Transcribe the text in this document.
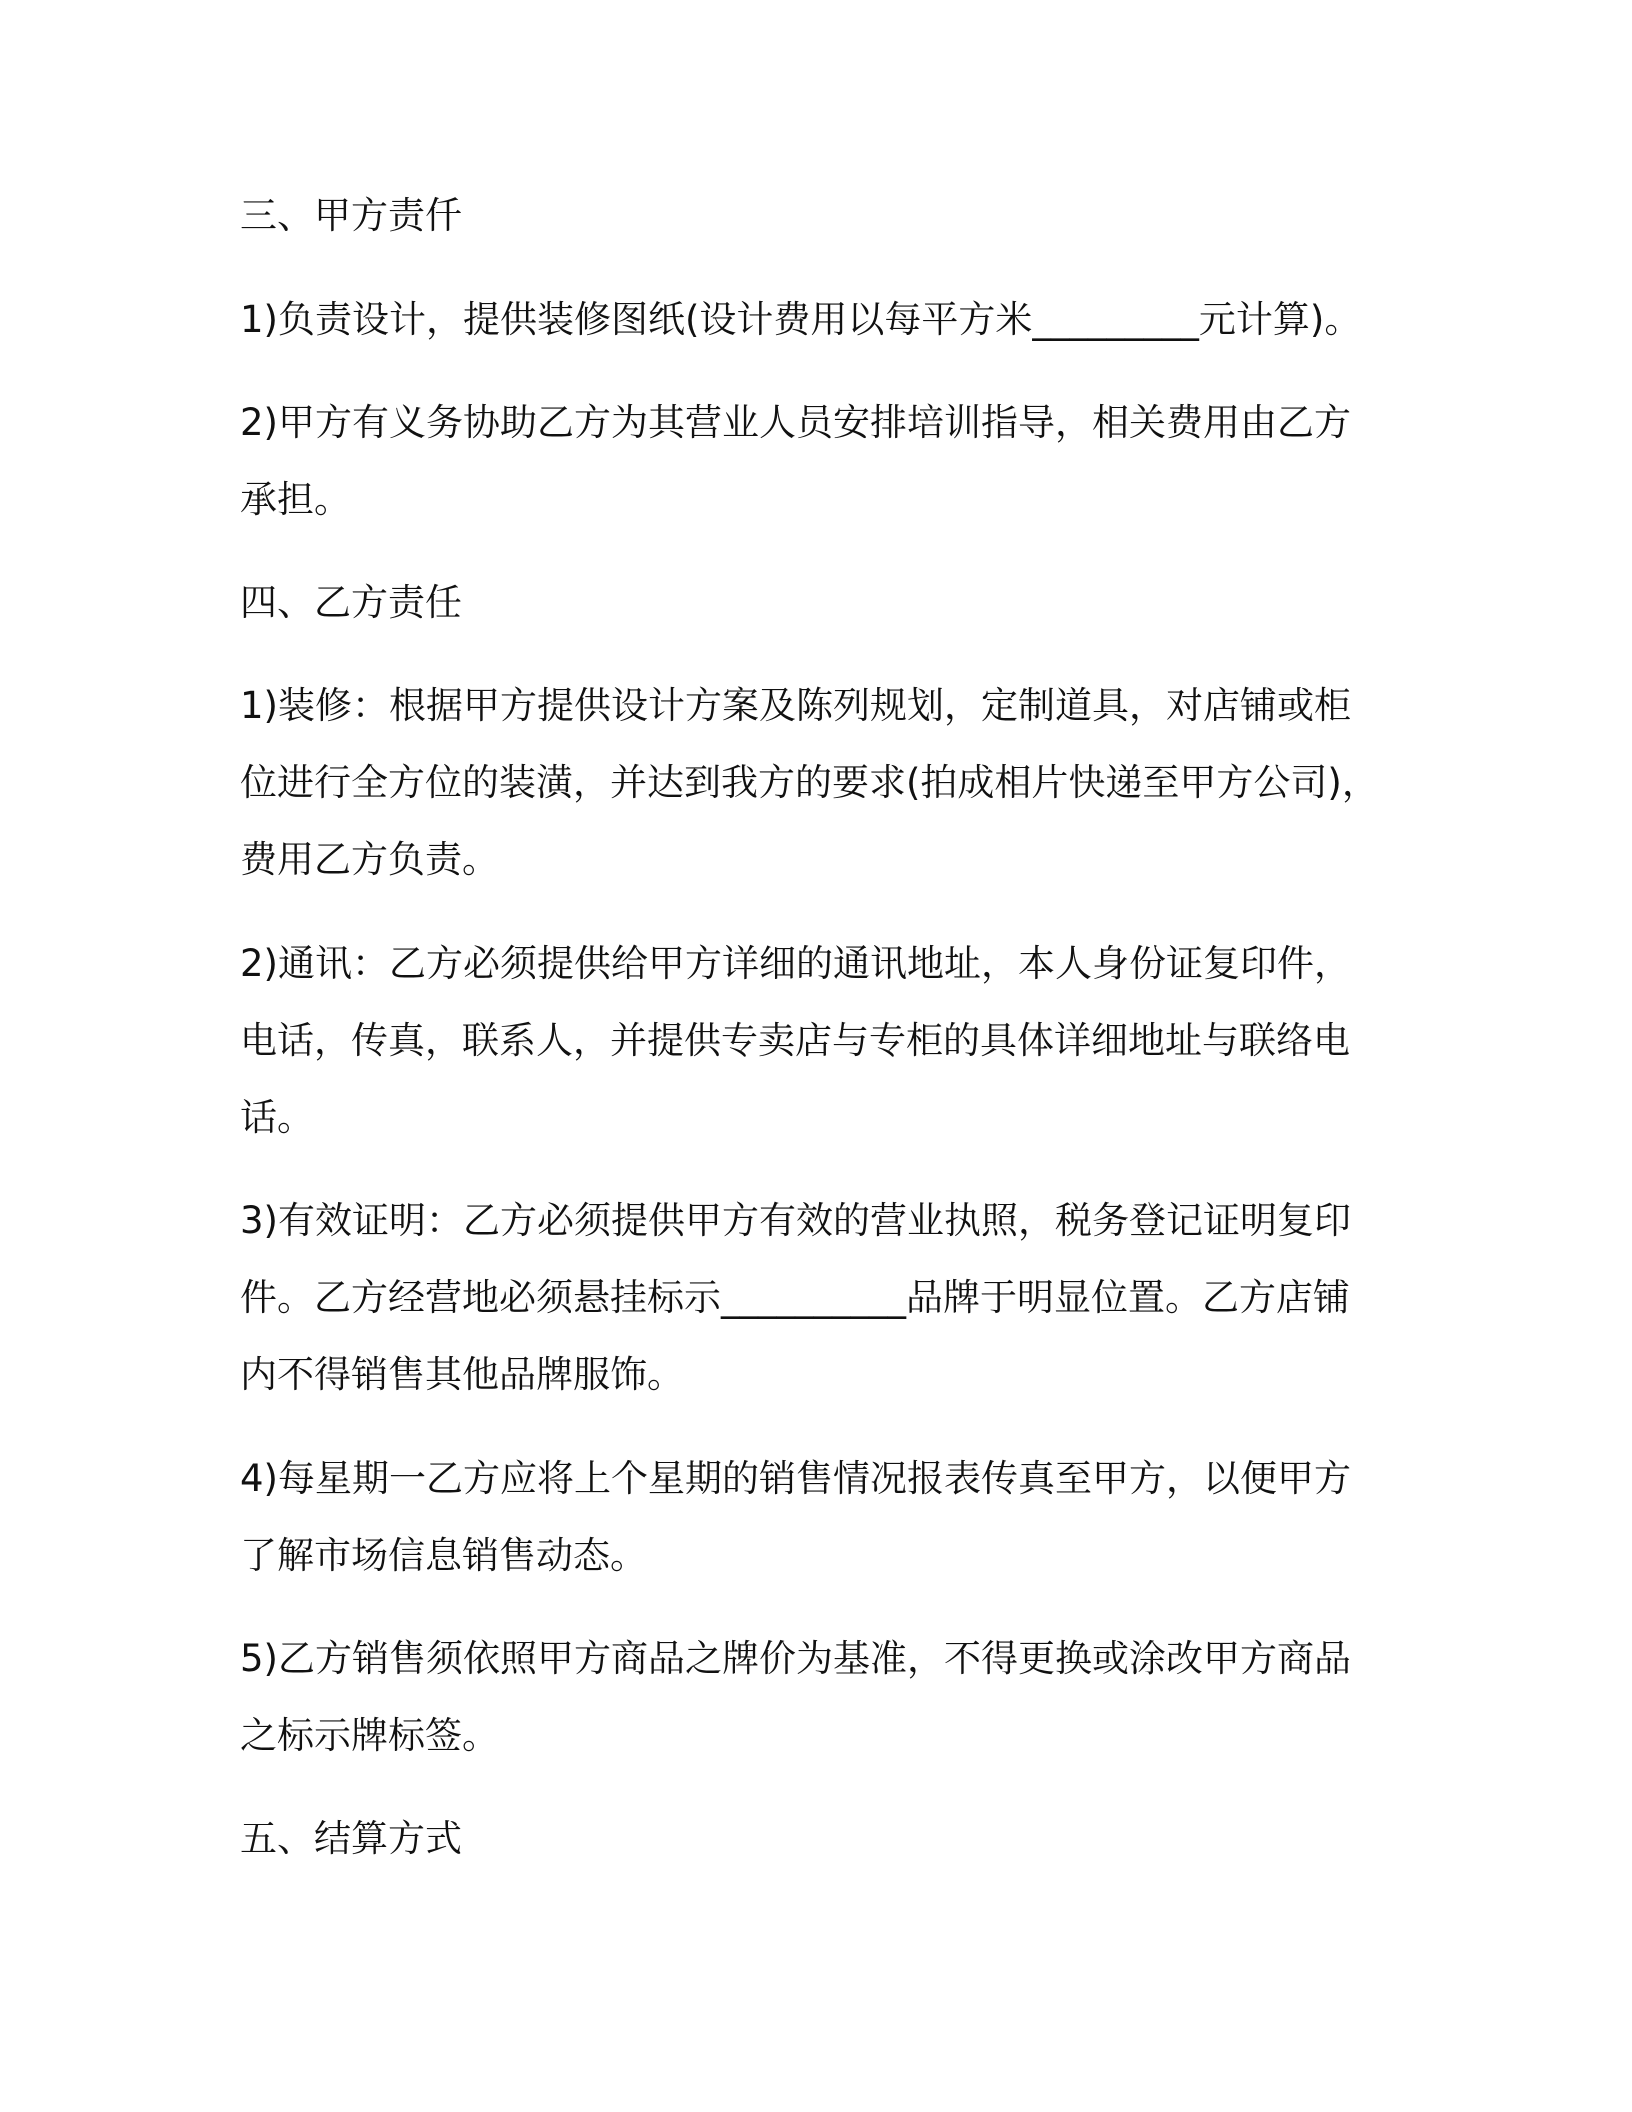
三、甲方责仟
1)负责设计，提供装修图纸(设计费用以每平方米_________元计算)。
2)甲方有义务协助乙方为其营业人员安排培训指导，相关费用由乙方
承担。
四、乙方责任
1)装修：根据甲方提供设计方案及陈列规划，定制道具，对店铺或柜
位进行全方位的装潢，并达到我方的要求(拍成相片快递至甲方公司)，
费用乙方负责。
2)通讯：乙方必须提供给甲方详细的通讯地址，本人身份证复印件，
电话，传真，联系人，并提供专卖店与专柜的具体详细地址与联络电
话。
3)有效证明：乙方必须提供甲方有效的营业执照，税务登记证明复印
件。乙方经营地必须悬挂标示__________品牌于明显位置。乙方店铺
内不得销售其他品牌服饰。
4)每星期一乙方应将上个星期的销售情况报表传真至甲方，以便甲方
了解市场信息销售动态。
5)乙方销售须依照甲方商品之牌价为基准，不得更换或涂改甲方商品
之标示牌标签。
五、结算方式
